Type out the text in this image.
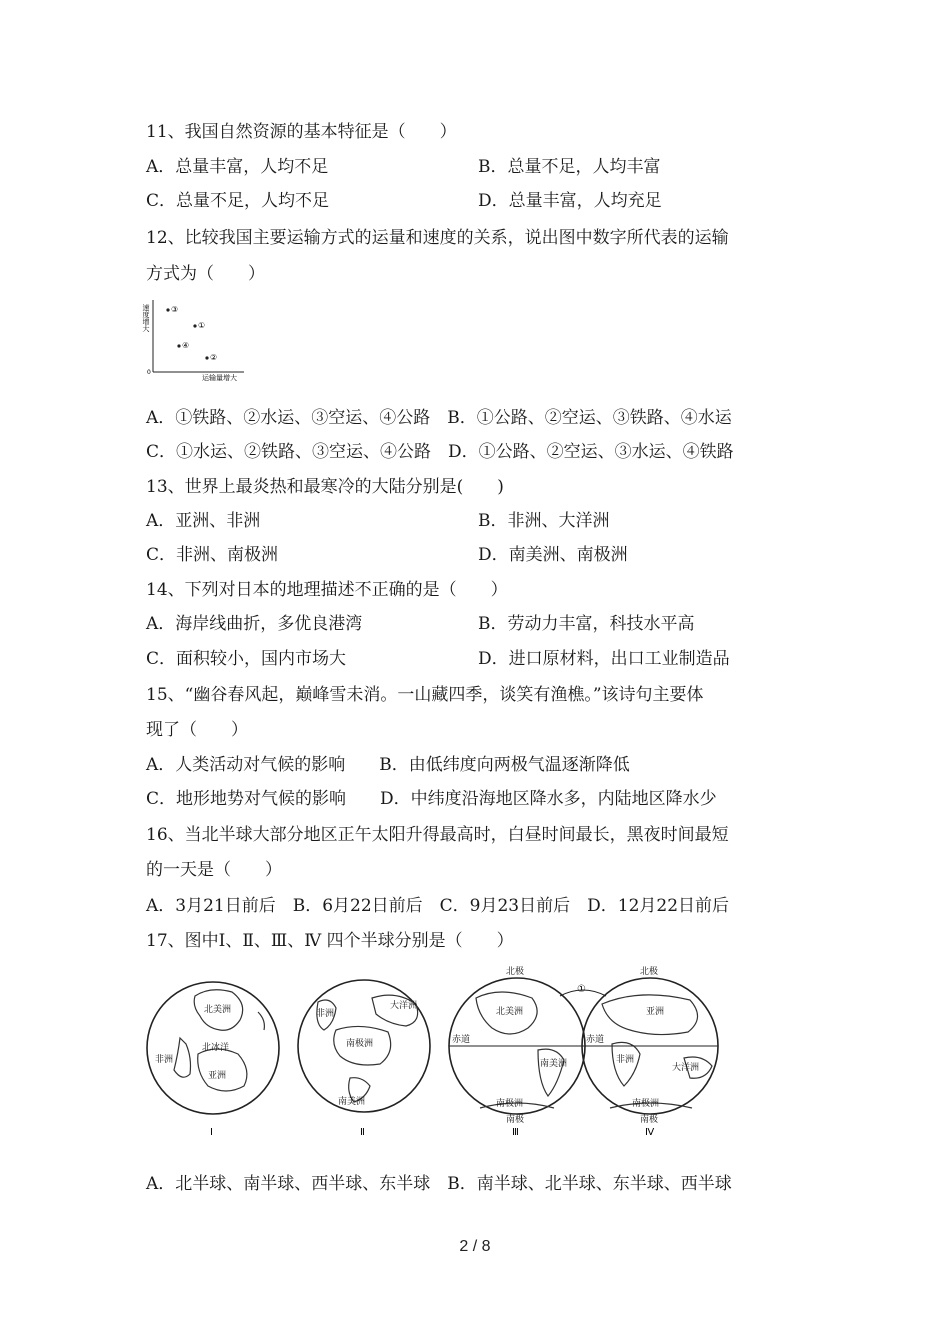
11、我国自然资源的基本特征是（　　）
A．总量丰富，人均不足	B．总量不足，人均丰富
C．总量不足，人均不足	D．总量丰富，人均充足
12、比较我国主要运输方式的运量和速度的关系，说出图中数字所代表的运输
方式为（　　）
速度增大
0
运输量增大
③
①
④
②
A．①铁路、②水运、③空运、④公路　B．①公路、②空运、③铁路、④水运
C．①水运、②铁路、③空运、④公路　D．①公路、②空运、③水运、④铁路
13、世界上最炎热和最寒冷的大陆分别是(　　)
A．亚洲、非洲	B．非洲、大洋洲
C．非洲、南极洲	D．南美洲、南极洲
14、下列对日本的地理描述不正确的是（　　）
A．海岸线曲折，多优良港湾	B．劳动力丰富，科技水平高
C．面积较小，国内市场大	D．进口原材料，出口工业制造品
15、“幽谷春风起，巅峰雪未消。一山藏四季，谈笑有渔樵。”该诗句主要体
现了（　　）
A．人类活动对气候的影响　　B．由低纬度向两极气温逐渐降低
C．地形地势对气候的影响　　D．中纬度沿海地区降水多，内陆地区降水少
16、当北半球大部分地区正午太阳升得最高时，白昼时间最长，黑夜时间最短
的一天是（　　）
A．3月21日前后　B．6月22日前后　C．9月23日前后　D．12月22日前后
17、图中Ⅰ、Ⅱ、Ⅲ、Ⅳ 四个半球分别是（　　）
①
北美洲
北冰洋
非洲
亚洲
Ⅰ
非洲
大洋洲
南极洲
南美洲
Ⅱ
北极
北美洲
赤道
南美洲
南极洲
南极
Ⅲ
北极
亚洲
赤道
非洲
大洋洲
南极洲
南极
Ⅳ
A．北半球、南半球、西半球、东半球　B．南半球、北半球、东半球、西半球
2 / 8
